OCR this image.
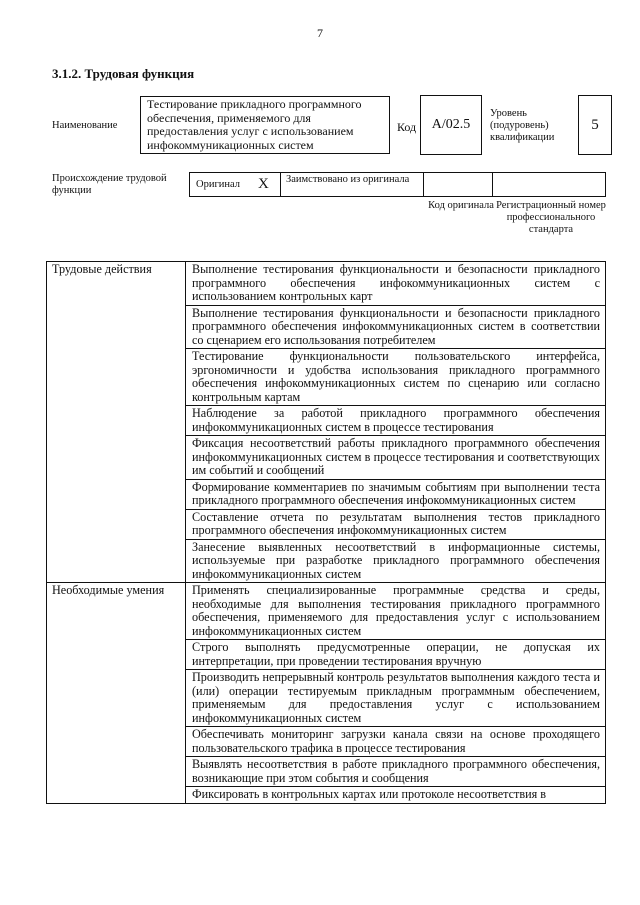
7
3.1.2. Трудовая функция
Наименование
Тестирование прикладного программного обеспечения, применяемого для предоставления услуг с использованием инфокоммуникационных систем
Код	A/02.5
Уровень (подуровень) квалификации
5
Происхождение трудовой функции
Оригинал X	Заимствовано из оригинала
Код оригинала Регистрационный номер профессионального стандарта
Трудовые действия	Выполнение тестирования функциональности и безопасности прикладного программного обеспечения инфокоммуникационных систем с использованием контрольных карт
	Выполнение тестирования функциональности и безопасности прикладного программного обеспечения инфокоммуникационных систем в соответствии со сценарием его использования потребителем
	Тестирование функциональности пользовательского интерфейса, эргономичности и удобства использования прикладного программного обеспечения инфокоммуникационных систем по сценарию или согласно контрольным картам
	Наблюдение за работой прикладного программного обеспечения инфокоммуникационных систем в процессе тестирования
	Фиксация несоответствий работы прикладного программного обеспечения инфокоммуникационных систем в процессе тестирования и соответствующих им событий и сообщений
	Формирование комментариев по значимым событиям при выполнении теста прикладного программного обеспечения инфокоммуникационных систем
	Составление отчета по результатам выполнения тестов прикладного программного обеспечения инфокоммуникационных систем
	Занесение выявленных несоответствий в информационные системы, используемые при разработке прикладного программного обеспечения инфокоммуникационных систем
Необходимые умения	Применять специализированные программные средства и среды, необходимые для выполнения тестирования прикладного программного обеспечения, применяемого для предоставления услуг с использованием инфокоммуникационных систем
	Строго выполнять предусмотренные операции, не допуская их интерпретации, при проведении тестирования вручную
	Производить непрерывный контроль результатов выполнения каждого теста и (или) операции тестируемым прикладным программным обеспечением, применяемым для предоставления услуг с использованием инфокоммуникационных систем
	Обеспечивать мониторинг загрузки канала связи на основе проходящего пользовательского трафика в процессе тестирования
	Выявлять несоответствия в работе прикладного программного обеспечения, возникающие при этом события и сообщения
	Фиксировать в контрольных картах или протоколе несоответствия в
